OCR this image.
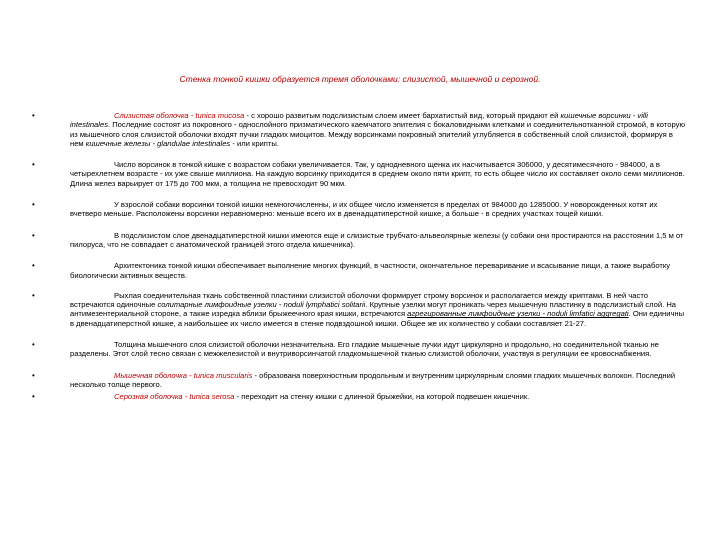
Стенка тонкой кишки образуется тремя оболочками: слизистой, мышечной и серозной.

• Слизистая оболочка - tunica mucosa - с хорошо развитым подслизистым слоем имеет бархатистый вид, который придают ей кишечные ворсинки - villi intestinales. Последние состоят из покровного - однослойного призматического каемчатого эпителия с бокаловидными клетками и соединительнотканной стромой, в которую из мышечного слоя слизистой оболочки входят пучки гладких миоцитов. Между ворсинками покровный эпителий углубляется в собственный слой слизистой, формируя в нем кишечные железы - glandulae intestinales - или крипты.
• Число ворсинок в тонкой кишке с возрастом собаки увеличивается. Так, у однодневного щенка их насчитывается 306000, у десятимесячного - 984000, а в четырехлетнем возрасте - их уже свыше миллиона. На каждую ворсинку приходится в среднем около пяти крипт, то есть общее число их составляет около семи миллионов. Длина желез варьирует от 175 до 700 мкм, а толщина не превосходит 90 мкм.
• У взрослой собаки ворсинки тонкой кишки немногочисленны, и их общее число изменяется в пределах от 984000 до 1285000. У новорожденных котят их вчетверо меньше. Расположены ворсинки неравномерно: меньше всего их в двенадцатиперстной кишке, а больше - в средних участках тощей кишки.
• В подслизистом слое двенадцатиперстной кишки имеются еще и слизистые трубчато-альвеолярные железы (у собаки они простираются на расстоянии 1,5 м от пилоруса, что не совпадает с анатомической границей этого отдела кишечника).
• Архитектоника тонкой кишки обеспечивает выполнение многих функций, в частности, окончательное переваривание и всасывание пищи, а также выработку биологически активных веществ.
• Рыхлая соединительная ткань собственной пластинки слизистой оболочки формирует строму ворсинок и располагается между криптами. В ней часто встречаются одиночные солитарные лимфоидные узелки - noduli lymphatici solitarii. Крупные узелки могут проникать через мышечную пластинку в подслизистый слой. На антимезентериальной стороне, а также изредка вблизи брыжеечного края кишки, встречаются агрегированные лимфоидные узелки - noduli limfatici aggregati. Они единичны в двенадцатиперстной кишке, а наибольшее их число имеется в стенке подвздошной кишки. Общее же их количество у собаки составляет 21-27.
• Толщина мышечного слоя слизистой оболочки незначительна. Его гладкие мышечные пучки идут циркулярно и продольно, но соединительной тканью не разделены. Этот слой тесно связан с межжелезистой и внутриворсинчатой гладкомышечной тканью слизистой оболочки, участвуя в регуляции ее кровоснабжения.
• Мышечная оболочка - tunica muscularis - образована поверхностным продольным и внутренним циркулярным слоями гладких мышечных волокон. Последний несколько толще первого.
• Серозная оболочка - tunica serosa - переходит на стенку кишки с длинной брыжейки, на которой подвешен кишечник.
